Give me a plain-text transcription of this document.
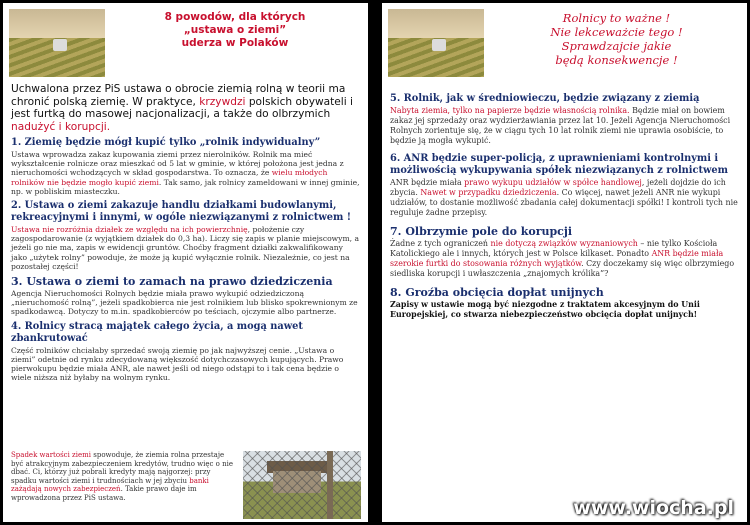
8 powodów, dla których
„ustawa o ziemi”
uderza w Polaków

Uchwalona przez PiS ustawa o obrocie ziemią rolną w teorii ma chronić polską ziemię. W praktyce, krzywdzi polskich obywateli i jest furtką do masowej nacjonalizacji, a także do olbrzymich nadużyć i korupcji.

1. Ziemię będzie mógł kupić tylko „rolnik indywidualny”

Ustawa wprowadza zakaz kupowania ziemi przez nierolników. Rolnik ma mieć wykształcenie rolnicze oraz mieszkać od 5 lat w gminie, w której położona jest jedna z nieruchomości wchodzących w skład gospodarstwa. To oznacza, że wielu młodych rolników nie będzie mogło kupić ziemi. Tak samo, jak rolnicy zameldowani w innej gminie, np. w pobliskim miasteczku.

2. Ustawa o ziemi zakazuje handlu działkami budowlanymi, rekreacyjnymi i innymi, w ogóle niezwiązanymi z rolnictwem !

Ustawa nie rozróżnia działek ze względu na ich powierzchnię, położenie czy zagospodarowanie (z wyjątkiem działek do 0,3 ha). Liczy się zapis w planie miejscowym, a jeżeli go nie ma, zapis w ewidencji gruntów. Choćby fragment działki zakwalifikowany jako „użytek rolny” powoduje, że może ją kupić wyłącznie rolnik. Niezależnie, co jest na pozostałej części!

3. Ustawa o ziemi to zamach na prawo dziedziczenia

Agencja Nieruchomości Rolnych będzie miała prawo wykupić odziedziczoną „nieruchomość rolną”, jeżeli spadkobierca nie jest rolnikiem lub blisko spokrewnionym ze spadkodawcą. Dotyczy to m.in. spadkobierców po teściach, ojczymie albo partnerze.

4. Rolnicy stracą majątek całego życia, a mogą nawet zbankrutować

Część rolników chciałaby sprzedać swoją ziemię po jak najwyższej cenie. „Ustawa o ziemi” odetnie od rynku zdecydowaną większość dotychczasowych kupujących. Prawo pierwokupu będzie miała ANR, ale nawet jeśli od niego odstąpi to i tak cena będzie o wiele niższa niż byłaby na wolnym rynku.

Spadek wartości ziemi spowoduje, że ziemia rolna przestaje być atrakcyjnym zabezpieczeniem kredytów, trudno więc o nie dbać. Ci, którzy już pobrali kredyty mają najgorzej: przy spadku wartości ziemi i trudnościach w jej zbyciu banki zażądają nowych zabezpieczeń. Takie prawo daje im wprowadzona przez PiS ustawa.

Rolnicy to ważne !
Nie lekceważcie tego !
Sprawdzajcie jakie
będą konsekwencje !
5. Rolnik, jak w średniowieczu, będzie związany z ziemią

Nabyta ziemia, tylko na papierze będzie własnością rolnika. Będzie miał on bowiem zakaz jej sprzedaży oraz wydzierżawiania przez lat 10. Jeżeli Agencja Nieruchomości Rolnych zorientuje się, że w ciągu tych 10 lat rolnik ziemi nie uprawia osobiście, to będzie ją mogła wykupić.

6. ANR będzie super-policją, z uprawnieniami kontrolnymi i możliwością wykupywania spółek niezwiązanych z rolnictwem

ANR będzie miała prawo wykupu udziałów w spółce handlowej, jeżeli dojdzie do ich zbycia. Nawet w przypadku dziedziczenia. Co więcej, nawet jeżeli ANR nie wykupi udziałów, to dostanie możliwość zbadania całej dokumentacji spółki! I kontroli tych nie reguluje żadne przepisy.

7. Olbrzymie pole do korupcji

Żadne z tych ograniczeń nie dotyczą związków wyznaniowych – nie tylko Kościoła Katolickiego ale i innych, których jest w Polsce kilkaset. Ponadto ANR będzie miała szerokie furtki do stosowania różnych wyjątków. Czy doczekamy się więc olbrzymiego siedliska korupcji i uwłaszczenia „znajomych królika”?

8. Groźba obcięcia dopłat unijnych

Zapisy w ustawie mogą być niezgodne z traktatem akcesyjnym do Unii Europejskiej, co stwarza niebezpieczeństwo obcięcia dopłat unijnych!

www.wiocha.pl
